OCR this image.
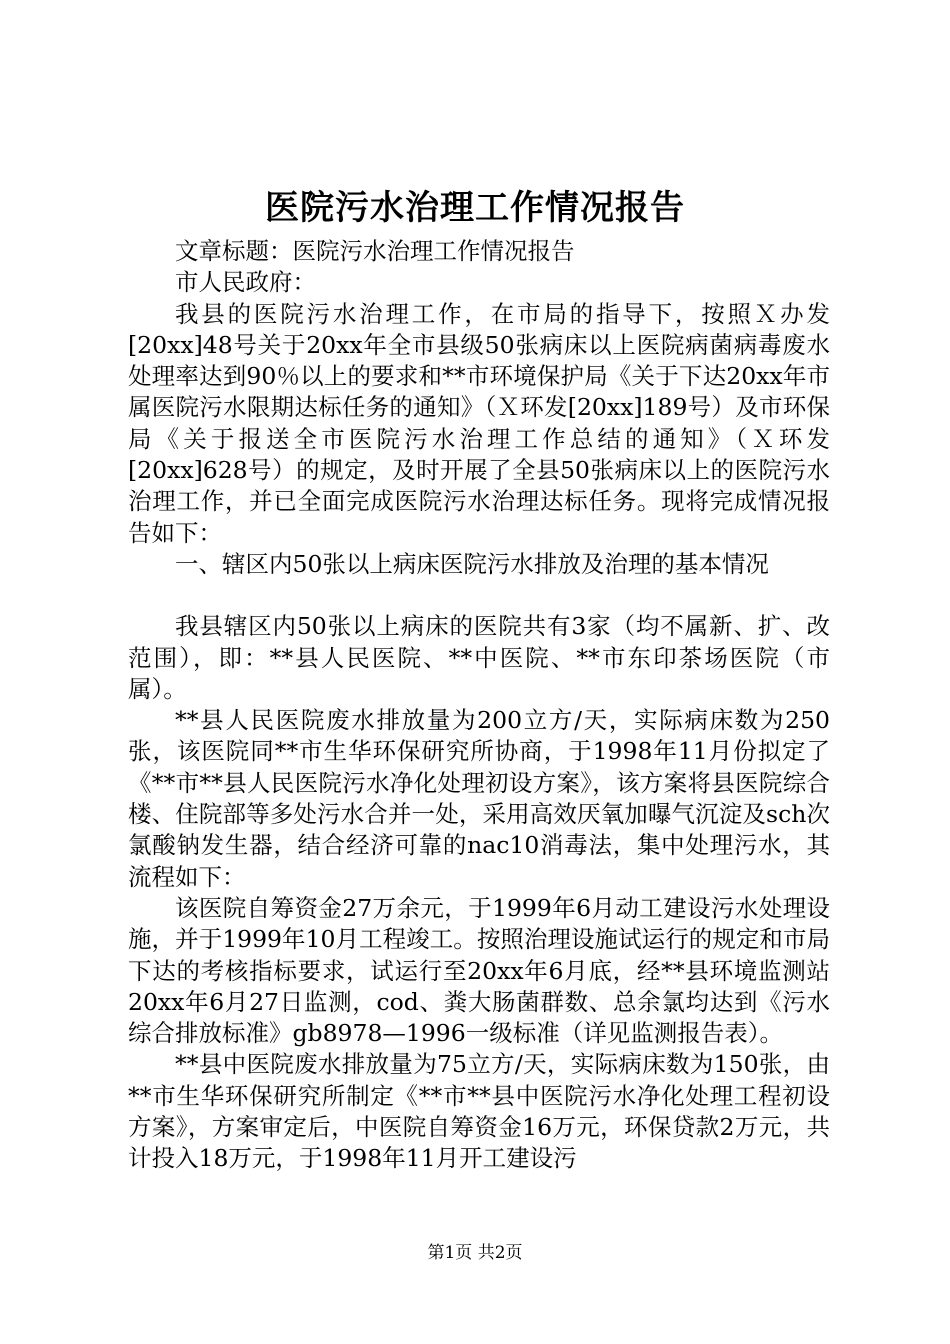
医院污水治理工作情况报告

文章标题：医院污水治理工作情况报告

市人民政府：

我县的医院污水治理工作，在市局的指导下，按照Ｘ办发[20xx]48号关于20xx年全市县级50张病床以上医院病菌病毒废水处理率达到90％以上的要求和**市环境保护局《关于下达20xx年市属医院污水限期达标任务的通知》（Ｘ环发[20xx]189号）及市环保局《关于报送全市医院污水治理工作总结的通知》（Ｘ环发[20xx]628号）的规定，及时开展了全县50张病床以上的医院污水治理工作，并已全面完成医院污水治理达标任务。现将完成情况报告如下：

一、辖区内50张以上病床医院污水排放及治理的基本情况

我县辖区内50张以上病床的医院共有3家（均不属新、扩、改范围），即：**县人民医院、**中医院、**市东印茶场医院（市属）。

**县人民医院废水排放量为200立方/天，实际病床数为250张，该医院同**市生华环保研究所协商，于1998年11月份拟定了《**市**县人民医院污水净化处理初设方案》，该方案将县医院综合楼、住院部等多处污水合并一处，采用高效厌氧加曝气沉淀及sch次氯酸钠发生器，结合经济可靠的nac10消毒法，集中处理污水，其流程如下：

该医院自筹资金27万余元，于1999年6月动工建设污水处理设施，并于1999年10月工程竣工。按照治理设施试运行的规定和市局下达的考核指标要求，试运行至20xx年6月底，经**县环境监测站20xx年6月27日监测，cod、粪大肠菌群数、总余氯均达到《污水综合排放标准》gb8978—1996一级标准（详见监测报告表）。

**县中医院废水排放量为75立方/天，实际病床数为150张，由**市生华环保研究所制定《**市**县中医院污水净化处理工程初设方案》，方案审定后，中医院自筹资金16万元，环保贷款2万元，共计投入18万元，于1998年11月开工建设污

第1页 共2页
